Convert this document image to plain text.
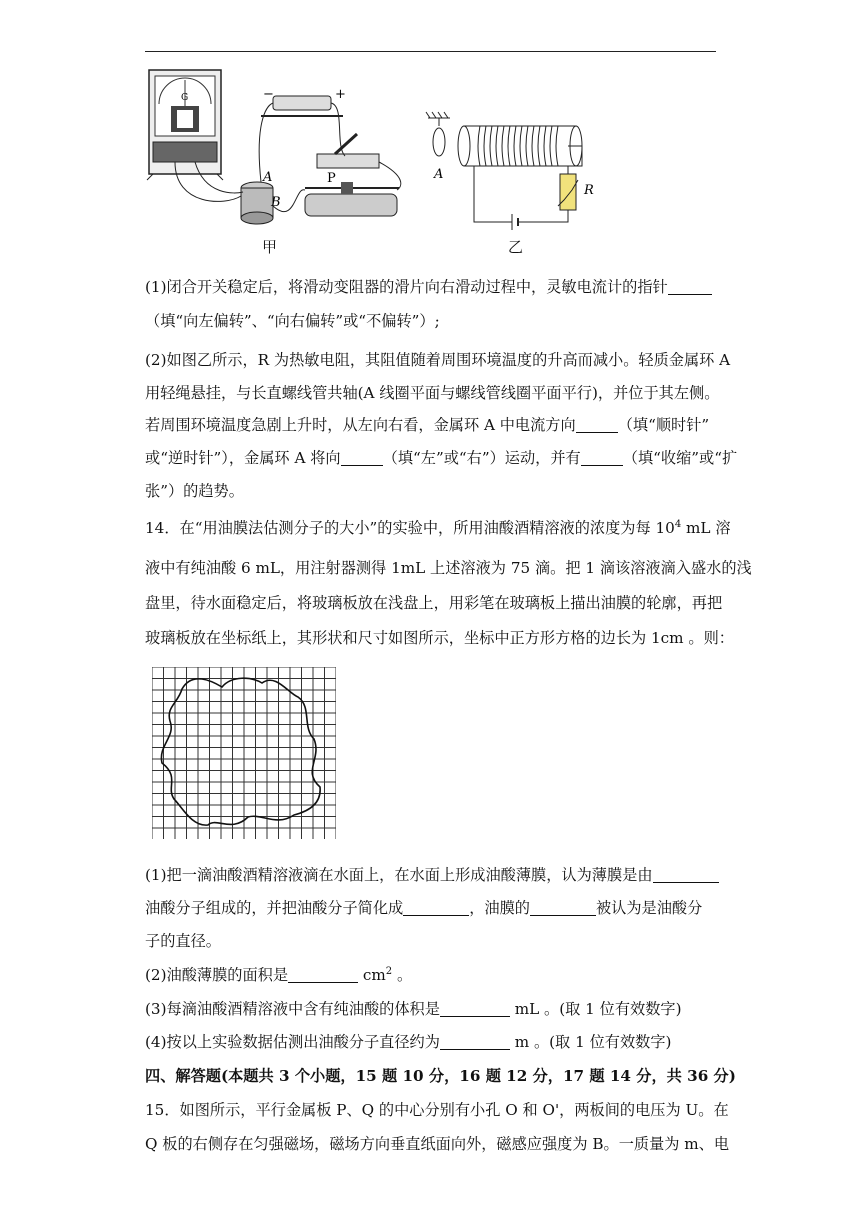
A
B
P
G	−	+
甲
A
R
乙
(1)闭合开关稳定后，将滑动变阻器的滑片向右滑动过程中，灵敏电流计的指针
（填“向左偏转”、“向右偏转”或“不偏转”）;
(2)如图乙所示，R 为热敏电阻，其阻值随着周围环境温度的升高而减小。轻质金属环 A
用轻绳悬挂，与长直螺线管共轴(A 线圈平面与螺线管线圈平面平行)，并位于其左侧。
若周围环境温度急剧上升时，从左向右看，金属环 A 中电流方向	（填“顺时针”
或“逆时针”），金属环 A 将向	（填“左”或“右”）运动，并有	（填“收缩”或“扩
张”）的趋势。
14．在“用油膜法估测分子的大小”的实验中，所用油酸酒精溶液的浓度为每 $10^4$ mL 溶
液中有纯油酸 6 mL，用注射器测得 1mL 上述溶液为 75 滴。把 1 滴该溶液滴入盛水的浅
盘里，待水面稳定后，将玻璃板放在浅盘上，用彩笔在玻璃板上描出油膜的轮廓，再把
玻璃板放在坐标纸上，其形状和尺寸如图所示，坐标中正方形方格的边长为 1cm 。则：
(1)把一滴油酸酒精溶液滴在水面上，在水面上形成油酸薄膜，认为薄膜是由
油酸分子组成的，并把油酸分子简化成	，油膜的	被认为是油酸分
子的直径。
(2)油酸薄膜的面积是	$cm^2$ 。
(3)每滴油酸酒精溶液中含有纯油酸的体积是	mL 。(取 1 位有效数字)
(4)按以上实验数据估测出油酸分子直径约为	m 。(取 1 位有效数字)
四、解答题(本题共 3 个小题，15 题 10 分，16 题 12 分，17 题 14 分，共 36 分)
15．如图所示，平行金属板 P、Q 的中心分别有小孔 O 和 O'，两板间的电压为 U。在
Q 板的右侧存在匀强磁场，磁场方向垂直纸面向外，磁感应强度为 B。一质量为 m、电
